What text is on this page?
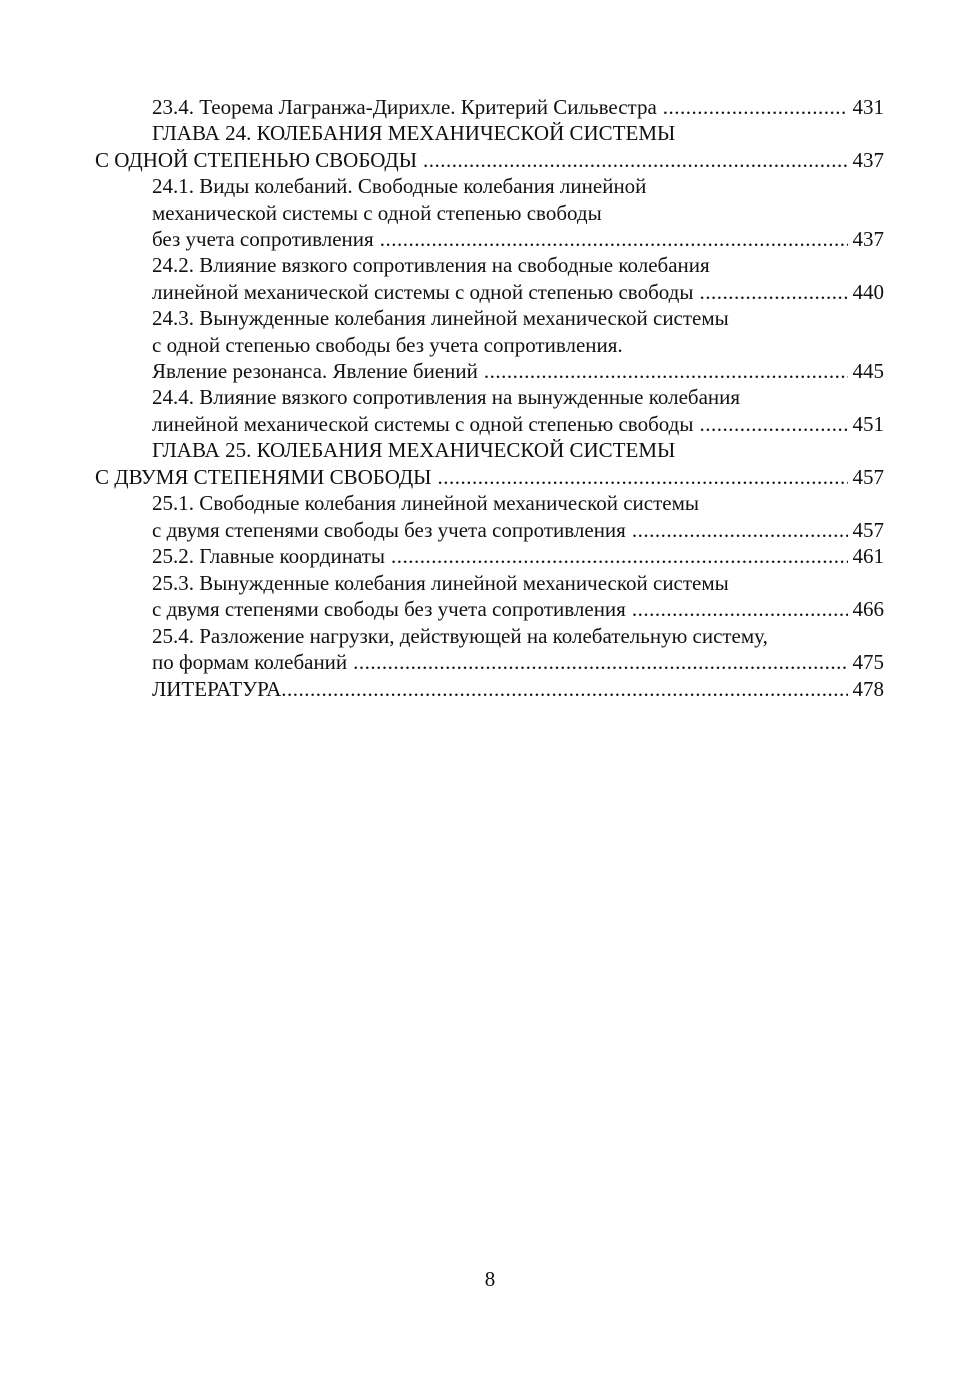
23.4. Теорема Лагранжа-Дирихле. Критерий Сильвестра .....	431
ГЛАВА 24. КОЛЕБАНИЯ МЕХАНИЧЕСКОЙ СИСТЕМЫ
С ОДНОЙ СТЕПЕНЬЮ СВОБОДЫ .....	437
24.1. Виды колебаний. Свободные колебания линейной
механической системы с одной степенью свободы
без учета сопротивления .....	437
24.2. Влияние вязкого сопротивления на свободные колебания
линейной механической системы с одной степенью свободы .....	440
24.3. Вынужденные колебания линейной механической системы
с одной степенью свободы без учета сопротивления.
Явление резонанса. Явление биений .....	445
24.4. Влияние вязкого сопротивления на вынужденные колебания
линейной механической системы с одной степенью свободы .....	451
ГЛАВА 25. КОЛЕБАНИЯ МЕХАНИЧЕСКОЙ СИСТЕМЫ
С ДВУМЯ СТЕПЕНЯМИ СВОБОДЫ .....	457
25.1. Свободные колебания линейной механической системы
с двумя степенями свободы без учета сопротивления .....	457
25.2. Главные координаты .....	461
25.3. Вынужденные колебания линейной механической системы
с двумя степенями свободы без учета сопротивления .....	466
25.4. Разложение нагрузки, действующей на колебательную систему,
по формам колебаний .....	475
ЛИТЕРАТУРА .....	478
8
